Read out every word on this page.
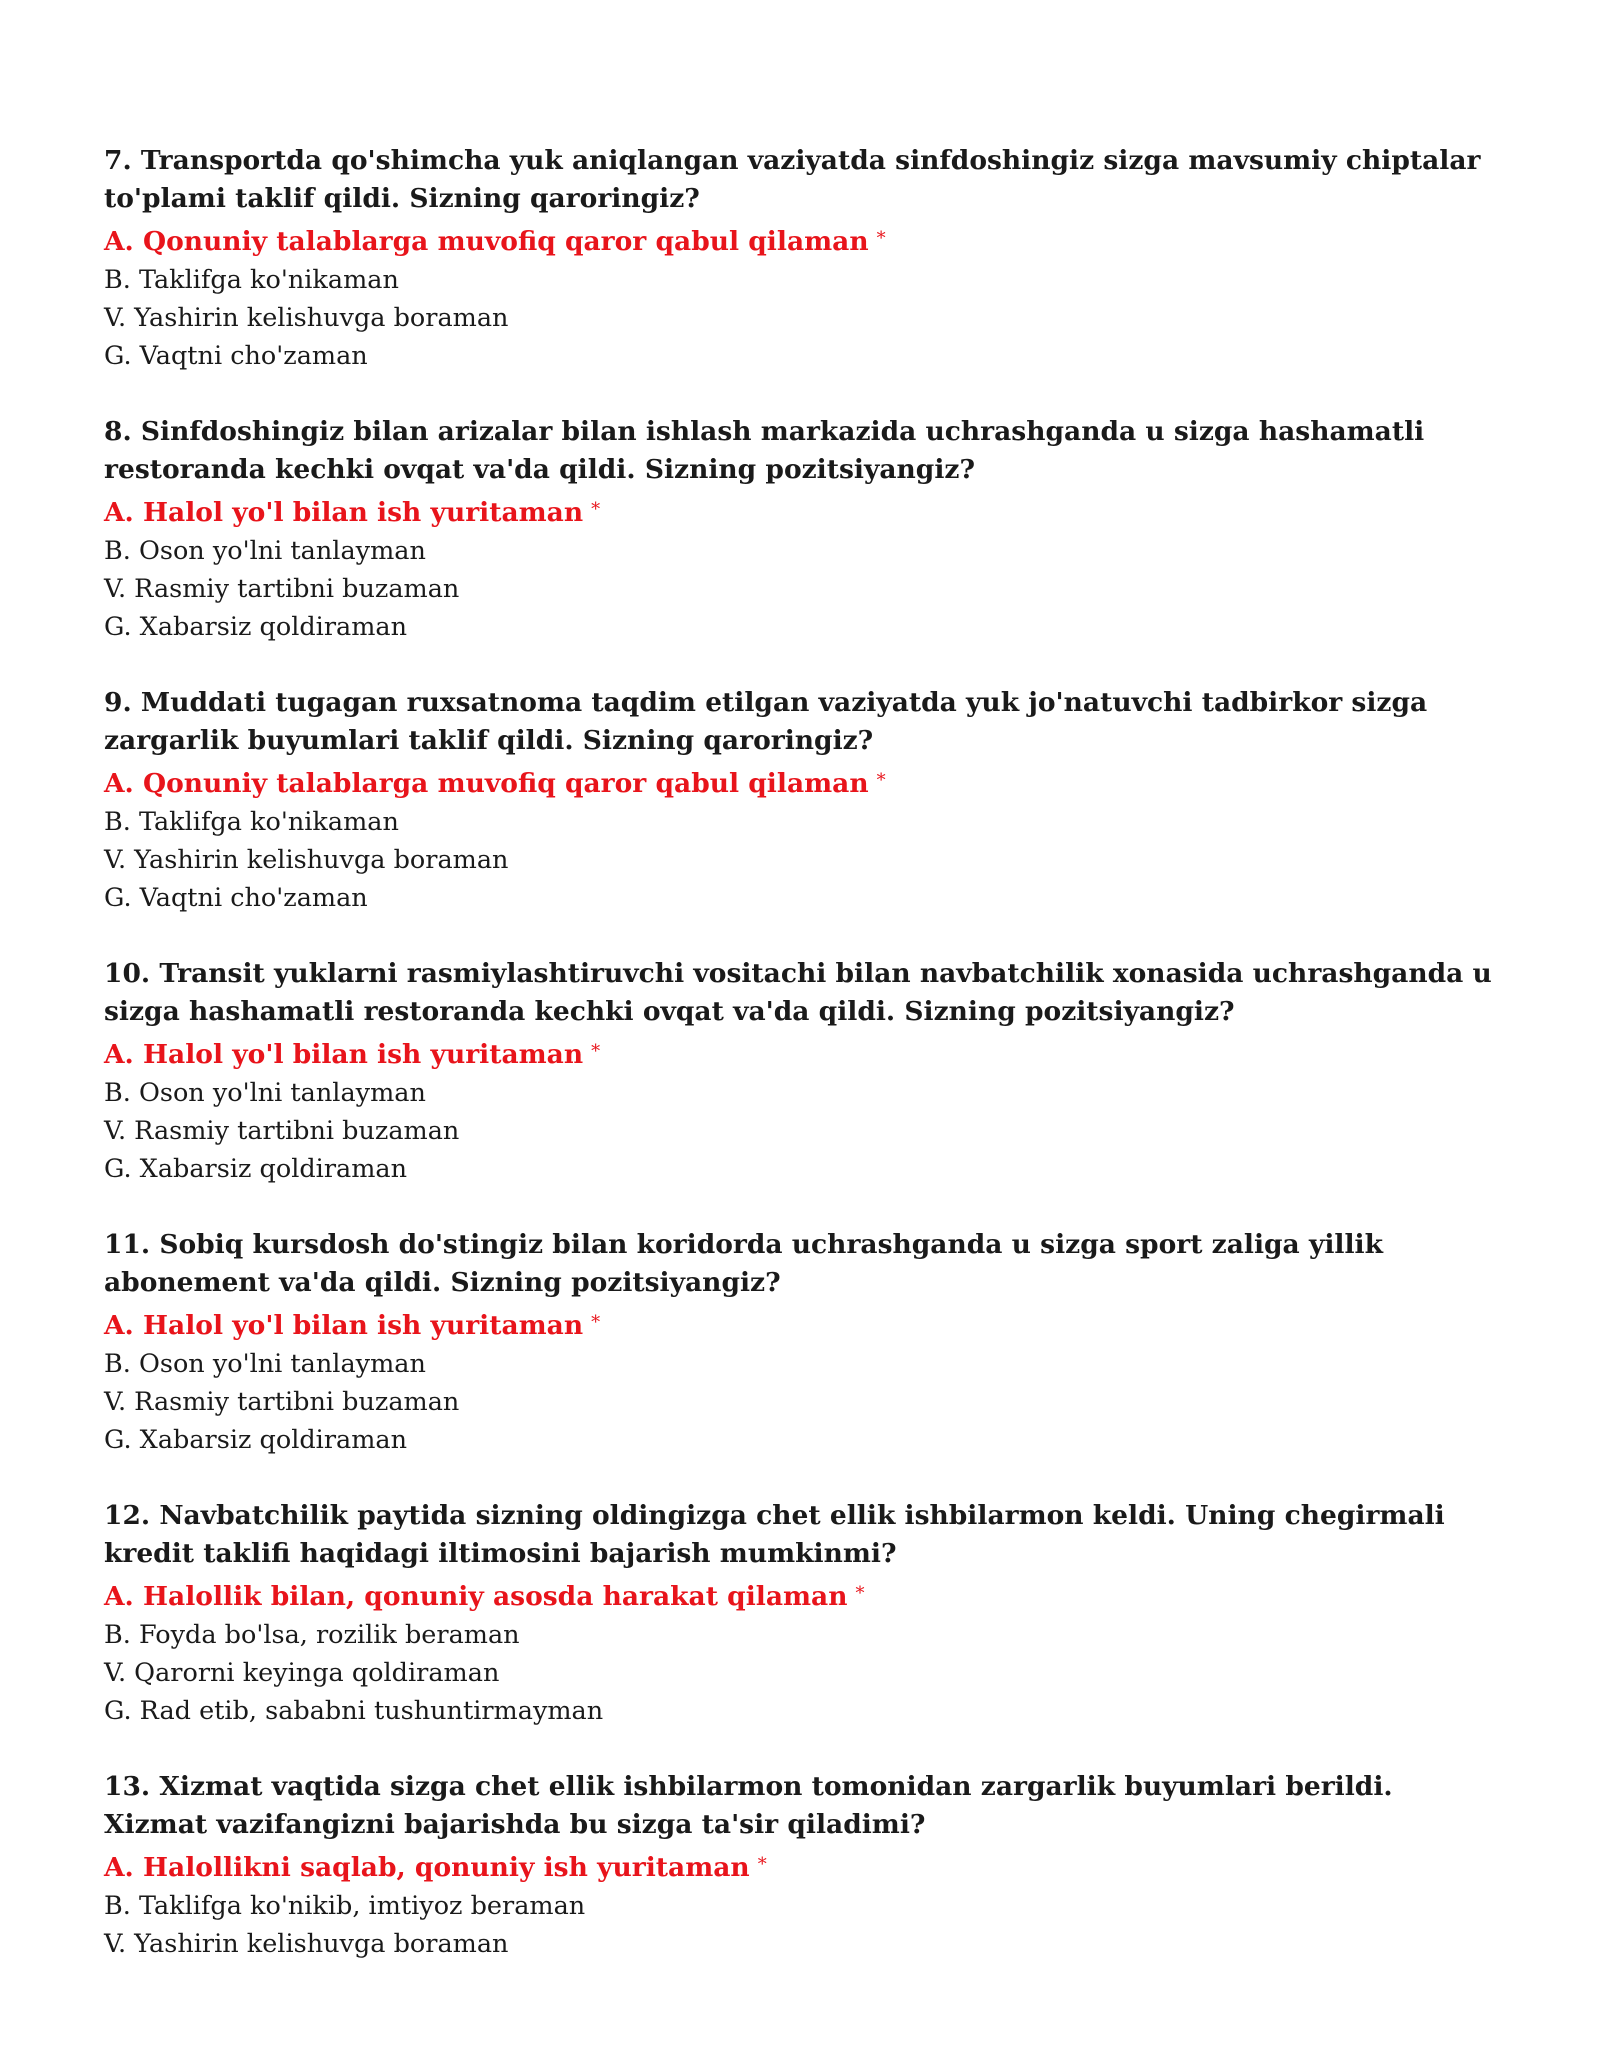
7. Transportda qo'shimcha yuk aniqlangan vaziyatda sinfdoshingiz sizga mavsumiy chiptalar to'plami taklif qildi. Sizning qaroringiz?

A. Qonuniy talablarga muvofiq qaror qabul qilaman *
B. Taklifga ko'nikaman
V. Yashirin kelishuvga boraman
G. Vaqtni cho'zaman

8. Sinfdoshingiz bilan arizalar bilan ishlash markazida uchrashganda u sizga hashamatli restoranda kechki ovqat va'da qildi. Sizning pozitsiyangiz?

A. Halol yo'l bilan ish yuritaman *
B. Oson yo'lni tanlayman
V. Rasmiy tartibni buzaman
G. Xabarsiz qoldiraman

9. Muddati tugagan ruxsatnoma taqdim etilgan vaziyatda yuk jo'natuvchi tadbirkor sizga zargarlik buyumlari taklif qildi. Sizning qaroringiz?

A. Qonuniy talablarga muvofiq qaror qabul qilaman *
B. Taklifga ko'nikaman
V. Yashirin kelishuvga boraman
G. Vaqtni cho'zaman

10. Transit yuklarni rasmiylashtiruvchi vositachi bilan navbatchilik xonasida uchrashganda u sizga hashamatli restoranda kechki ovqat va'da qildi. Sizning pozitsiyangiz?

A. Halol yo'l bilan ish yuritaman *
B. Oson yo'lni tanlayman
V. Rasmiy tartibni buzaman
G. Xabarsiz qoldiraman

11. Sobiq kursdosh do'stingiz bilan koridorda uchrashganda u sizga sport zaliga yillik abonement va'da qildi. Sizning pozitsiyangiz?

A. Halol yo'l bilan ish yuritaman *
B. Oson yo'lni tanlayman
V. Rasmiy tartibni buzaman
G. Xabarsiz qoldiraman

12. Navbatchilik paytida sizning oldingizga chet ellik ishbilarmon keldi. Uning chegirmali kredit taklifi haqidagi iltimosini bajarish mumkinmi?

A. Halollik bilan, qonuniy asosda harakat qilaman *
B. Foyda bo'lsa, rozilik beraman
V. Qarorni keyinga qoldiraman
G. Rad etib, sababni tushuntirmayman

13. Xizmat vaqtida sizga chet ellik ishbilarmon tomonidan zargarlik buyumlari berildi. Xizmat vazifangizni bajarishda bu sizga ta'sir qiladimi?

A. Halollikni saqlab, qonuniy ish yuritaman *
B. Taklifga ko'nikib, imtiyoz beraman
V. Yashirin kelishuvga boraman
